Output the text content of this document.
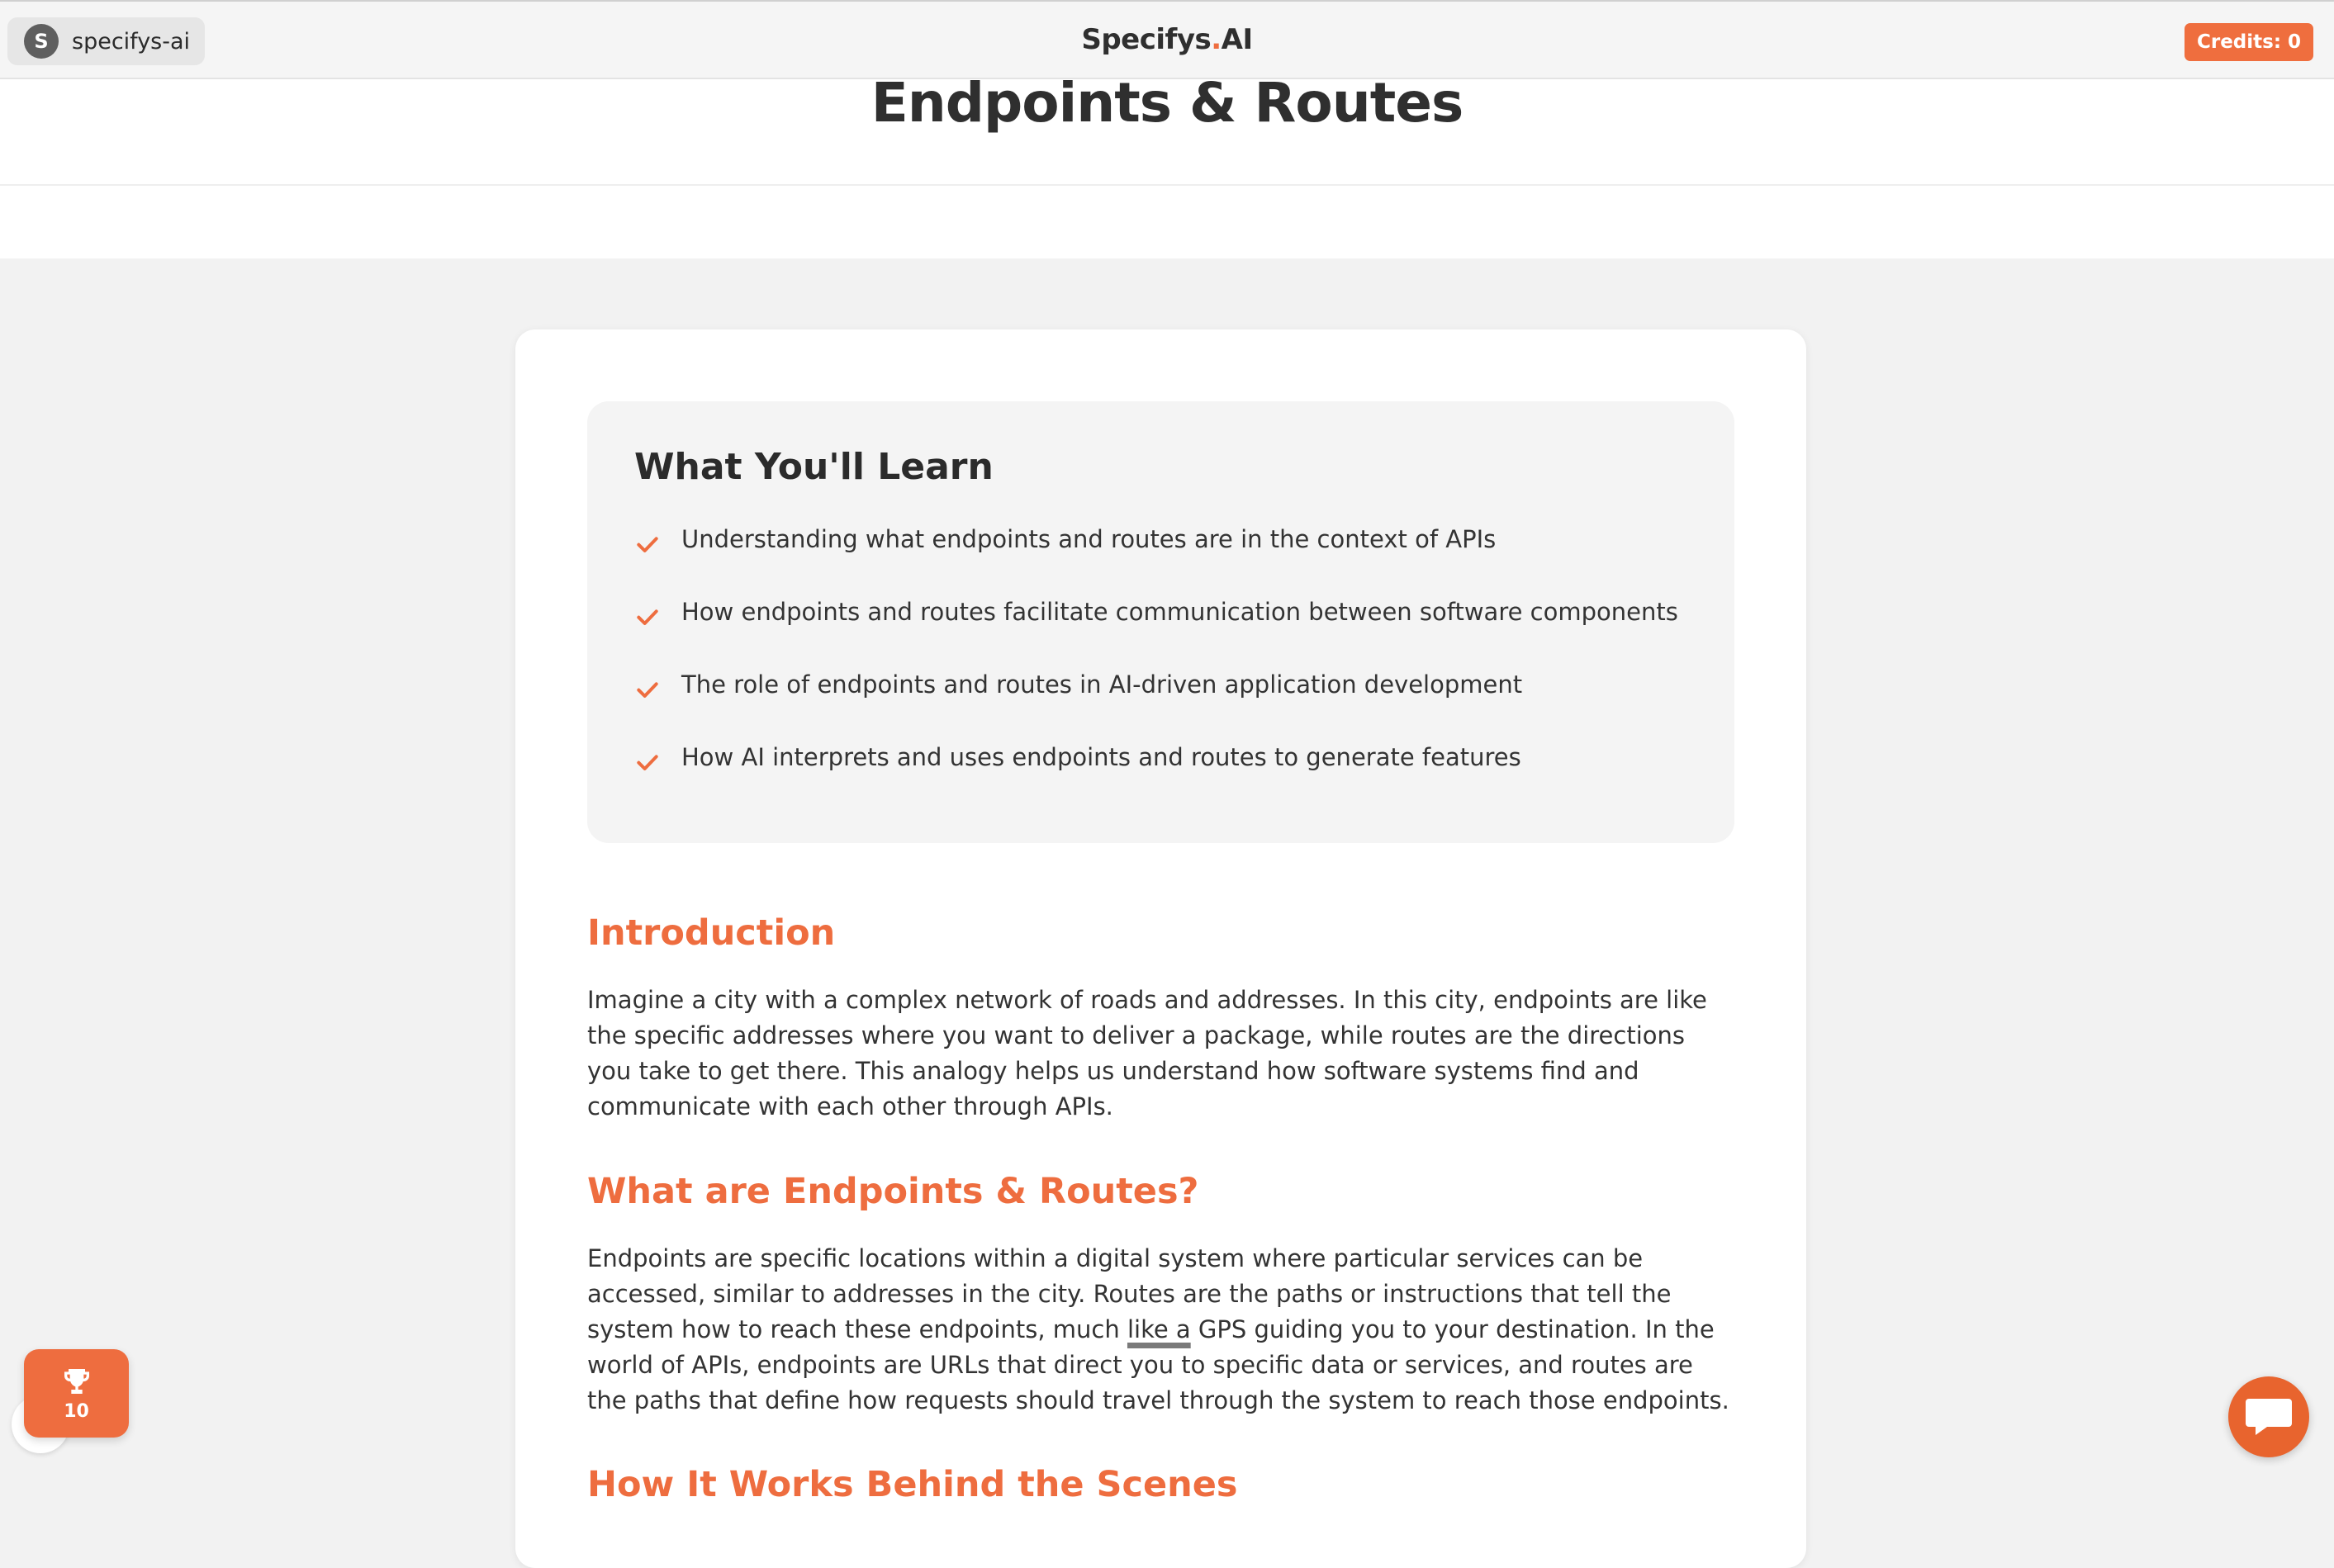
S	specifys-ai	Specifys.AI	Credits: 0
Endpoints & Routes
What You'll Learn
Understanding what endpoints and routes are in the context of APIs
How endpoints and routes facilitate communication between software components
The role of endpoints and routes in AI-driven application development
How AI interprets and uses endpoints and routes to generate features
Introduction

Imagine a city with a complex network of roads and addresses. In this city, endpoints are like the specific addresses where you want to deliver a package, while routes are the directions you take to get there. This analogy helps us understand how software systems find and communicate with each other through APIs.

What are Endpoints & Routes?

Endpoints are specific locations within a digital system where particular services can be accessed, similar to addresses in the city. Routes are the paths or instructions that tell the system how to reach these endpoints, much like a GPS guiding you to your destination. In the world of APIs, endpoints are URLs that direct you to specific data or services, and routes are the paths that define how requests should travel through the system to reach those endpoints.

How It Works Behind the Scenes
10
